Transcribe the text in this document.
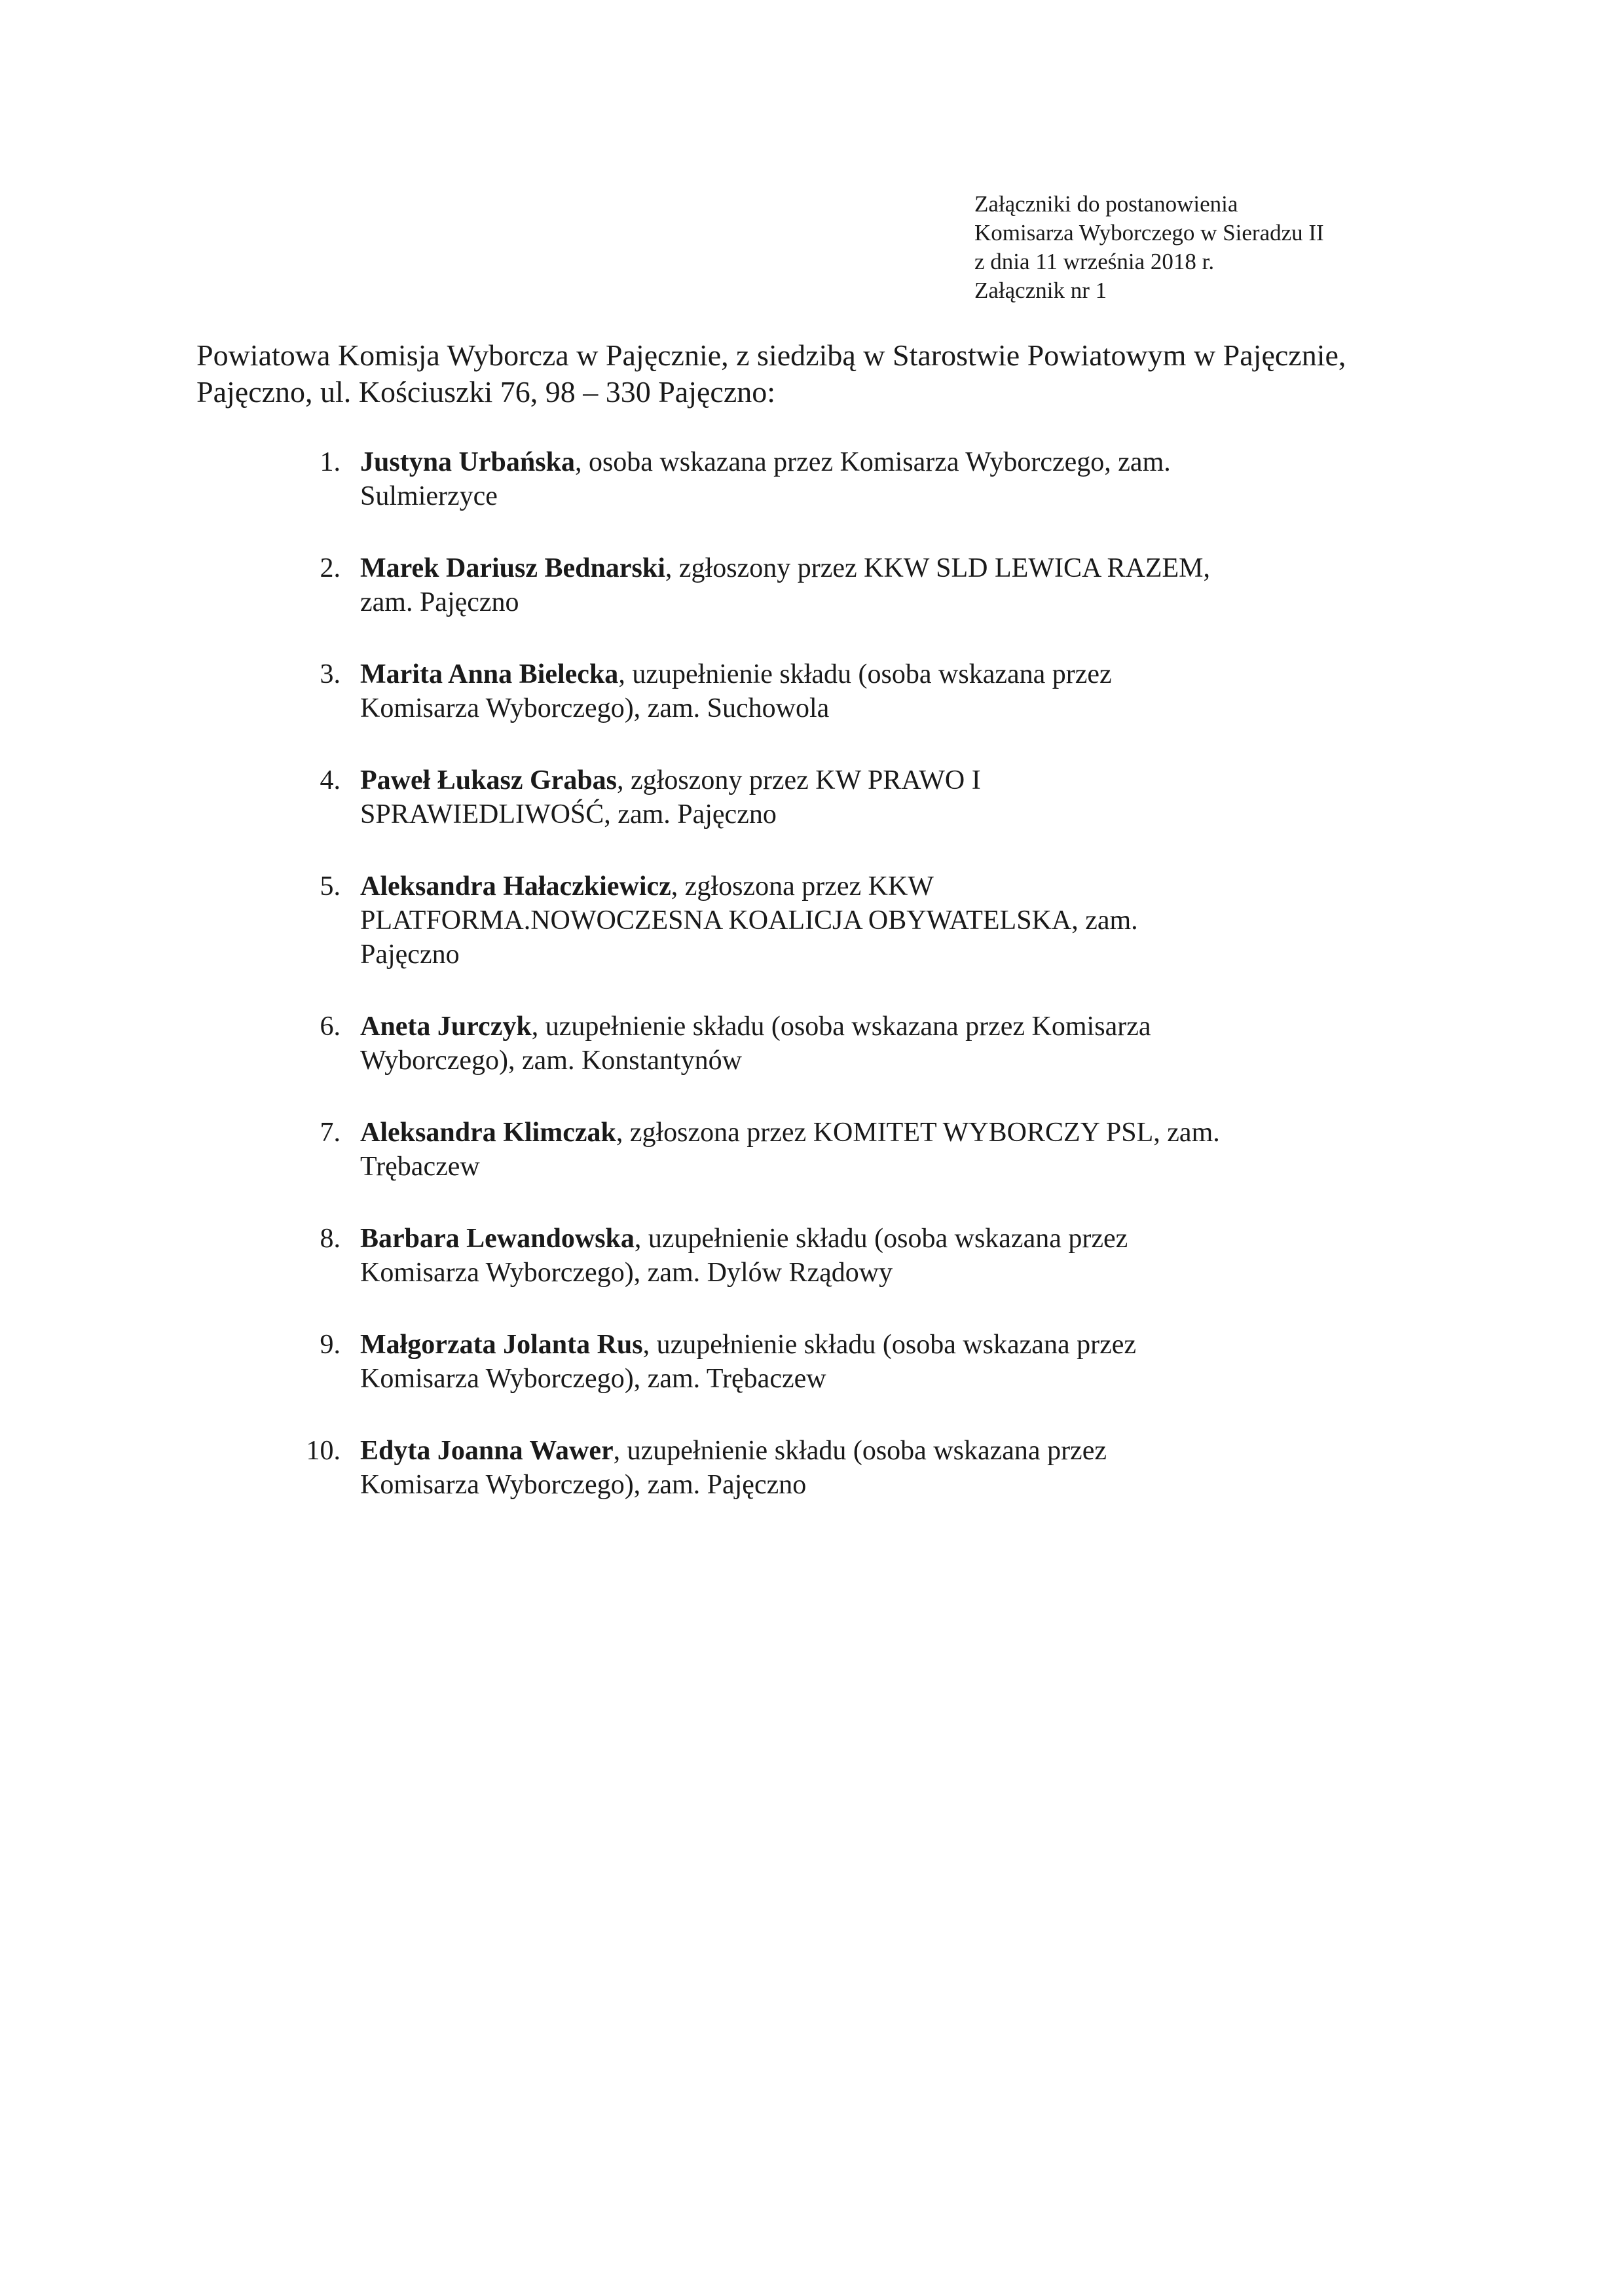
Załączniki do postanowienia
Komisarza Wyborczego w Sieradzu II
z dnia 11 września 2018 r.
Załącznik nr 1
Powiatowa Komisja Wyborcza w Pajęcznie, z siedzibą w Starostwie Powiatowym w Pajęcznie,
Pajęczno, ul. Kościuszki 76, 98 – 330 Pajęczno:
1. Justyna Urbańska, osoba wskazana przez Komisarza Wyborczego, zam.
Sulmierzyce
2. Marek Dariusz Bednarski, zgłoszony przez KKW SLD LEWICA RAZEM,
zam. Pajęczno
3. Marita Anna Bielecka, uzupełnienie składu (osoba wskazana przez
Komisarza Wyborczego), zam. Suchowola
4. Paweł Łukasz Grabas, zgłoszony przez KW PRAWO I
SPRAWIEDLIWOŚĆ, zam. Pajęczno
5. Aleksandra Hałaczkiewicz, zgłoszona przez KKW
PLATFORMA.NOWOCZESNA KOALICJA OBYWATELSKA, zam.
Pajęczno
6. Aneta Jurczyk, uzupełnienie składu (osoba wskazana przez Komisarza
Wyborczego), zam. Konstantynów
7. Aleksandra Klimczak, zgłoszona przez KOMITET WYBORCZY PSL, zam.
Trębaczew
8. Barbara Lewandowska, uzupełnienie składu (osoba wskazana przez
Komisarza Wyborczego), zam. Dylów Rządowy
9. Małgorzata Jolanta Rus, uzupełnienie składu (osoba wskazana przez
Komisarza Wyborczego), zam. Trębaczew
10. Edyta Joanna Wawer, uzupełnienie składu (osoba wskazana przez
Komisarza Wyborczego), zam. Pajęczno
